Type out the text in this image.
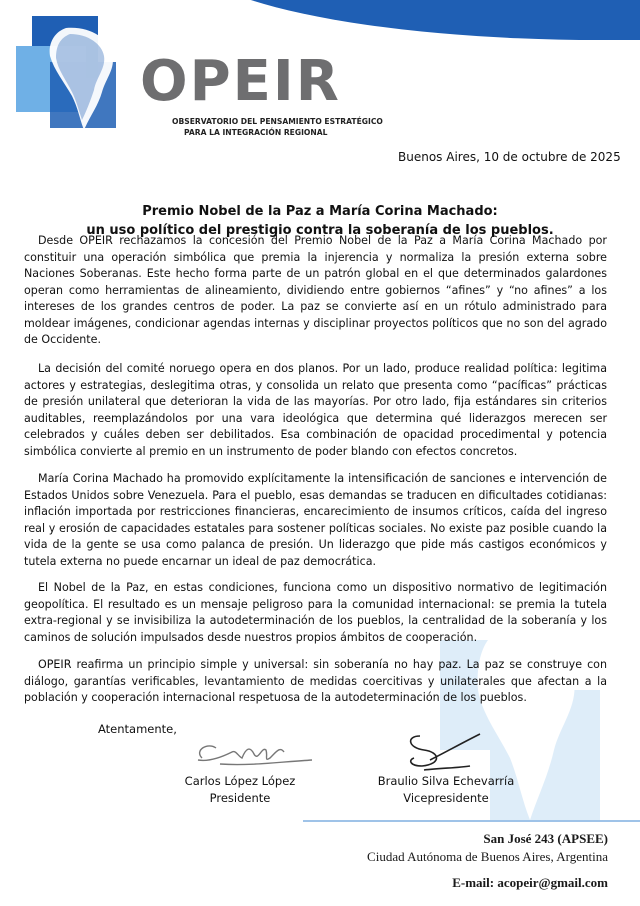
OPEIR
OBSERVATORIO DEL PENSAMIENTO ESTRATÉGICO
PARA LA INTEGRACIÓN REGIONAL
Buenos Aires, 10 de octubre de 2025
Premio Nobel de la Paz a María Corina Machado:
un uso político del prestigio contra la soberanía de los pueblos.

Desde OPEIR rechazamos la concesión del Premio Nobel de la Paz a María Corina Machado por constituir una operación simbólica que premia la injerencia y normaliza la presión externa sobre Naciones Soberanas. Este hecho forma parte de un patrón global en el que determinados galardones operan como herramientas de alineamiento, dividiendo entre gobiernos “afines” y “no afines” a los intereses de los grandes centros de poder. La paz se convierte así en un rótulo administrado para moldear imágenes, condicionar agendas internas y disciplinar proyectos políticos que no son del agrado de Occidente.

La decisión del comité noruego opera en dos planos. Por un lado, produce realidad política: legitima actores y estrategias, deslegitima otras, y consolida un relato que presenta como “pacíficas” prácticas de presión unilateral que deterioran la vida de las mayorías. Por otro lado, fija estándares sin criterios auditables, reemplazándolos por una vara ideológica que determina qué liderazgos merecen ser celebrados y cuáles deben ser debilitados. Esa combinación de opacidad procedimental y potencia simbólica convierte al premio en un instrumento de poder blando con efectos concretos.

María Corina Machado ha promovido explícitamente la intensificación de sanciones e intervención de Estados Unidos sobre Venezuela. Para el pueblo, esas demandas se traducen en dificultades cotidianas: inflación importada por restricciones financieras, encarecimiento de insumos críticos, caída del ingreso real y erosión de capacidades estatales para sostener políticas sociales. No existe paz posible cuando la vida de la gente se usa como palanca de presión. Un liderazgo que pide más castigos económicos y tutela externa no puede encarnar un ideal de paz democrática.

El Nobel de la Paz, en estas condiciones, funciona como un dispositivo normativo de legitimación geopolítica. El resultado es un mensaje peligroso para la comunidad internacional: se premia la tutela extra-regional y se invisibiliza la autodeterminación de los pueblos, la centralidad de la soberanía y los caminos de solución impulsados desde nuestros propios ámbitos de cooperación.

OPEIR reafirma un principio simple y universal: sin soberanía no hay paz. La paz se construye con diálogo, garantías verificables, levantamiento de medidas coercitivas y unilaterales que afectan a la población y cooperación internacional respetuosa de la autodeterminación de los pueblos.

Atentamente,
Carlos López López
Presidente
Braulio Silva Echevarría
Vicepresidente
San José 243 (APSEE)
Ciudad Autónoma de Buenos Aires, Argentina
E-mail: acopeir@gmail.com
